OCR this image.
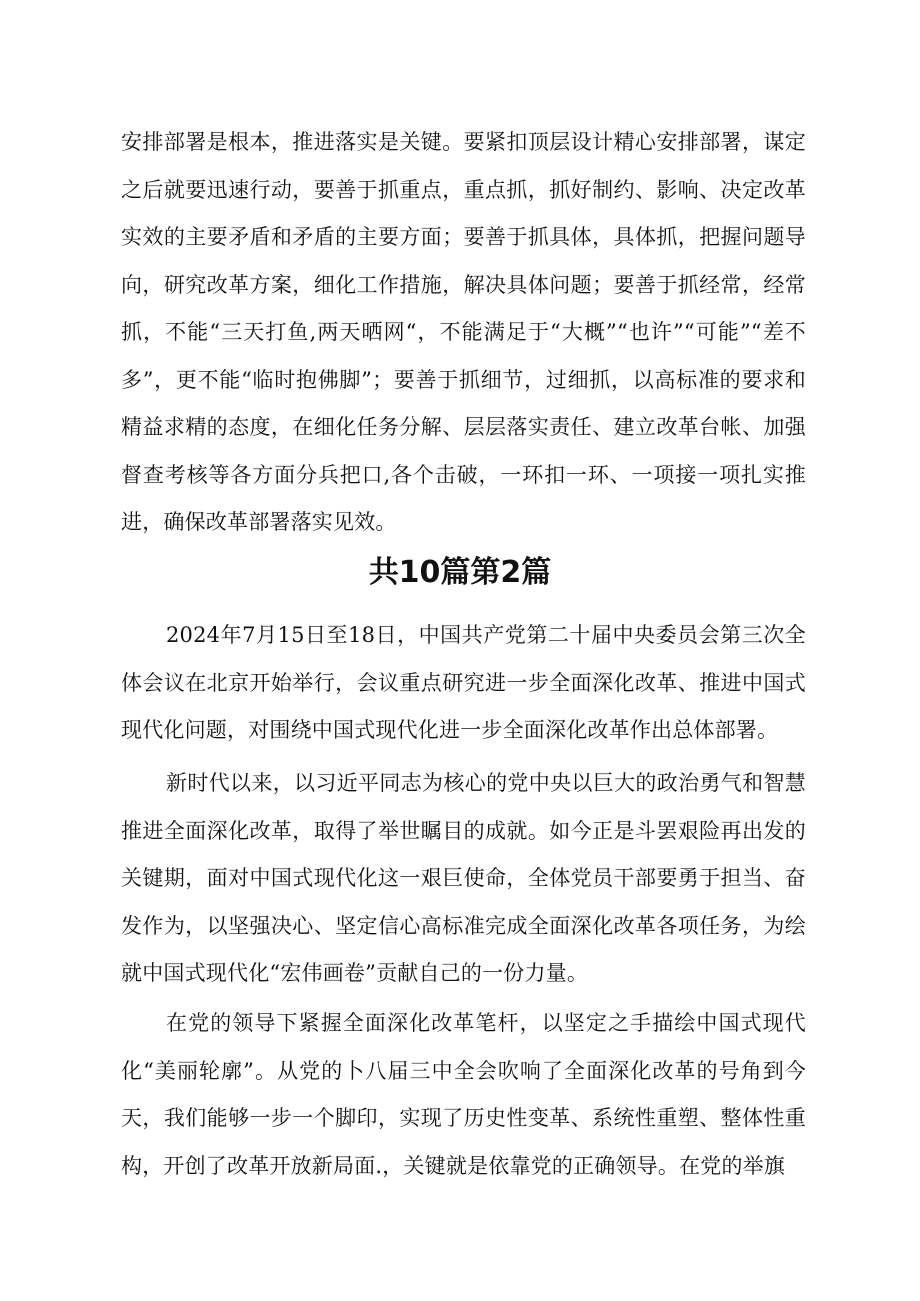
安排部署是根本，推进落实是关键。要紧扣顶层设计精心安排部署，谋定之后就要迅速行动，要善于抓重点，重点抓，抓好制约、影响、决定改革实效的主要矛盾和矛盾的主要方面；要善于抓具体，具体抓，把握问题导向，研究改革方案，细化工作措施，解决具体问题；要善于抓经常，经常抓，不能“三天打鱼,两天晒网“，不能满足于“大概”“也许”“可能”“差不多”，更不能“临时抱佛脚”；要善于抓细节，过细抓，以高标准的要求和精益求精的态度，在细化任务分解、层层落实责任、建立改革台帐、加强督查考核等各方面分兵把口,各个击破，一环扣一环、一项接一项扎实推进，确保改革部署落实见效。

共10篇第2篇

2024年7月15日至18日，中国共产党第二十届中央委员会第三次全体会议在北京开始举行，会议重点研究进一步全面深化改革、推进中国式现代化问题，对围绕中国式现代化进一步全面深化改革作出总体部署。

新时代以来，以习近平同志为核心的党中央以巨大的政治勇气和智慧推进全面深化改革，取得了举世瞩目的成就。如今正是斗罢艰险再出发的关键期，面对中国式现代化这一艰巨使命，全体党员干部要勇于担当、奋发作为，以坚强决心、坚定信心高标准完成全面深化改革各项任务，为绘就中国式现代化“宏伟画卷”贡献自己的一份力量。

在党的领导下紧握全面深化改革笔杆，以坚定之手描绘中国式现代化“美丽轮廓”。从党的卜八届三中全会吹响了全面深化改革的号角到今天，我们能够一步一个脚印，实现了历史性变革、系统性重塑、整体性重构，开创了改革开放新局面.，关键就是依靠党的正确领导。在党的举旗
